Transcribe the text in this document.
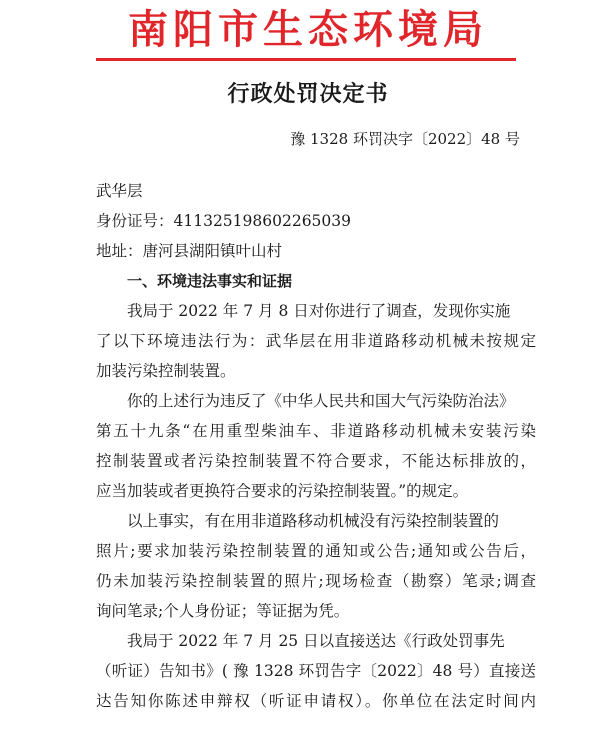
南阳市生态环境局
行政处罚决定书
豫 1328 环罚决字〔2022〕48 号
武华层
身份证号：411325198602265039
地址：唐河县湖阳镇叶山村
一、环境违法事实和证据
我局于 2022 年 7 月 8 日对你进行了调查，发现你实施
了以下环境违法行为：武华层在用非道路移动机械未按规定
加装污染控制装置。
你的上述行为违反了《中华人民共和国大气污染防治法》
第五十九条“在用重型柴油车、非道路移动机械未安装污染
控制装置或者污染控制装置不符合要求，不能达标排放的，
应当加装或者更换符合要求的污染控制装置。”的规定。
以上事实，有在用非道路移动机械没有污染控制装置的
照片;要求加装污染控制装置的通知或公告;通知或公告后，
仍未加装污染控制装置的照片;现场检查（勘察）笔录;调查
询问笔录;个人身份证；等证据为凭。
我局于 2022 年 7 月 25 日以直接送达《行政处罚事先
（听证）告知书》( 豫 1328 环罚告字〔2022〕48 号）直接送
达告知你陈述申辩权（听证申请权）。你单位在法定时间内
